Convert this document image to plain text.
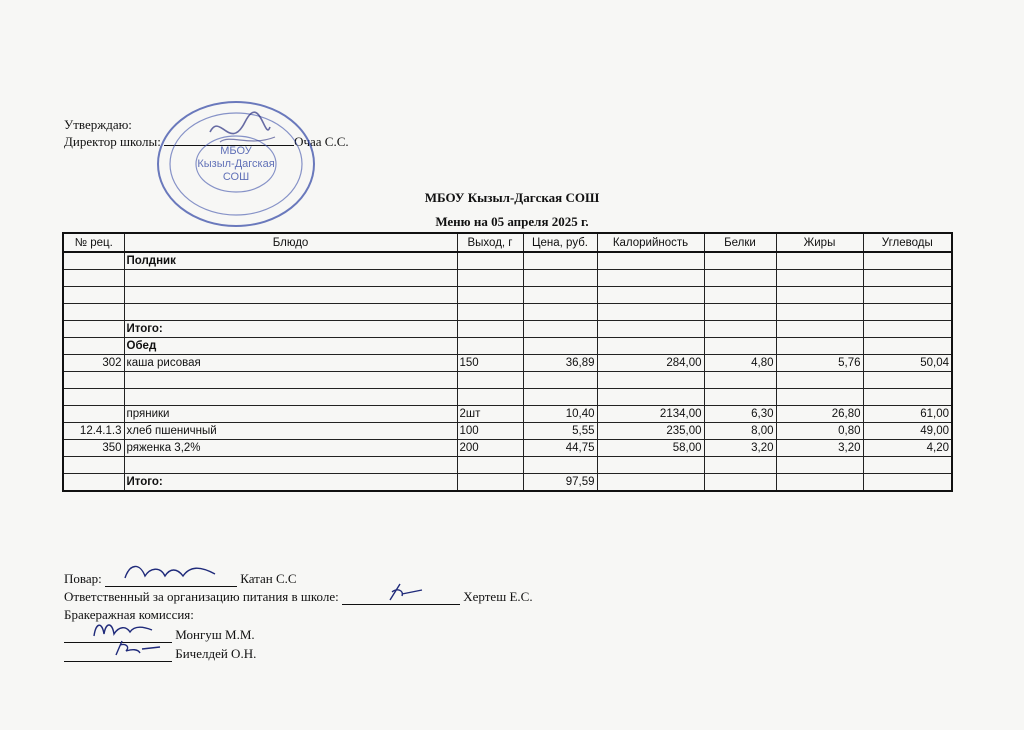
Утверждаю:
Директор школы:	Очаа С.С.
МБОУ
Кызыл-Дагская
СОШ
МБОУ Кызыл-Дагская СОШ
Меню на 05 апреля 2025 г.
№ рец.	Блюдо	Выход, г	Цена, руб.	Калорийность	Белки	Жиры	Углеводы
	Полдник						

	Итого:						
	Обед						
302	каша рисовая	150	36,89	284,00	4,80	5,76	50,04

	пряники	2шт	10,40	2134,00	6,30	26,80	61,00
12.4.1.3	хлеб пшеничный	100	5,55	235,00	8,00	0,80	49,00
350	ряженка 3,2%	200	44,75	58,00	3,20	3,20	4,20

	Итого:		97,59				
Повар:	Катан С.С
Ответственный за организацию питания в школе:	Хертеш Е.С.
Бракеражная комиссия:
Монгуш М.М.
Бичелдей О.Н.
